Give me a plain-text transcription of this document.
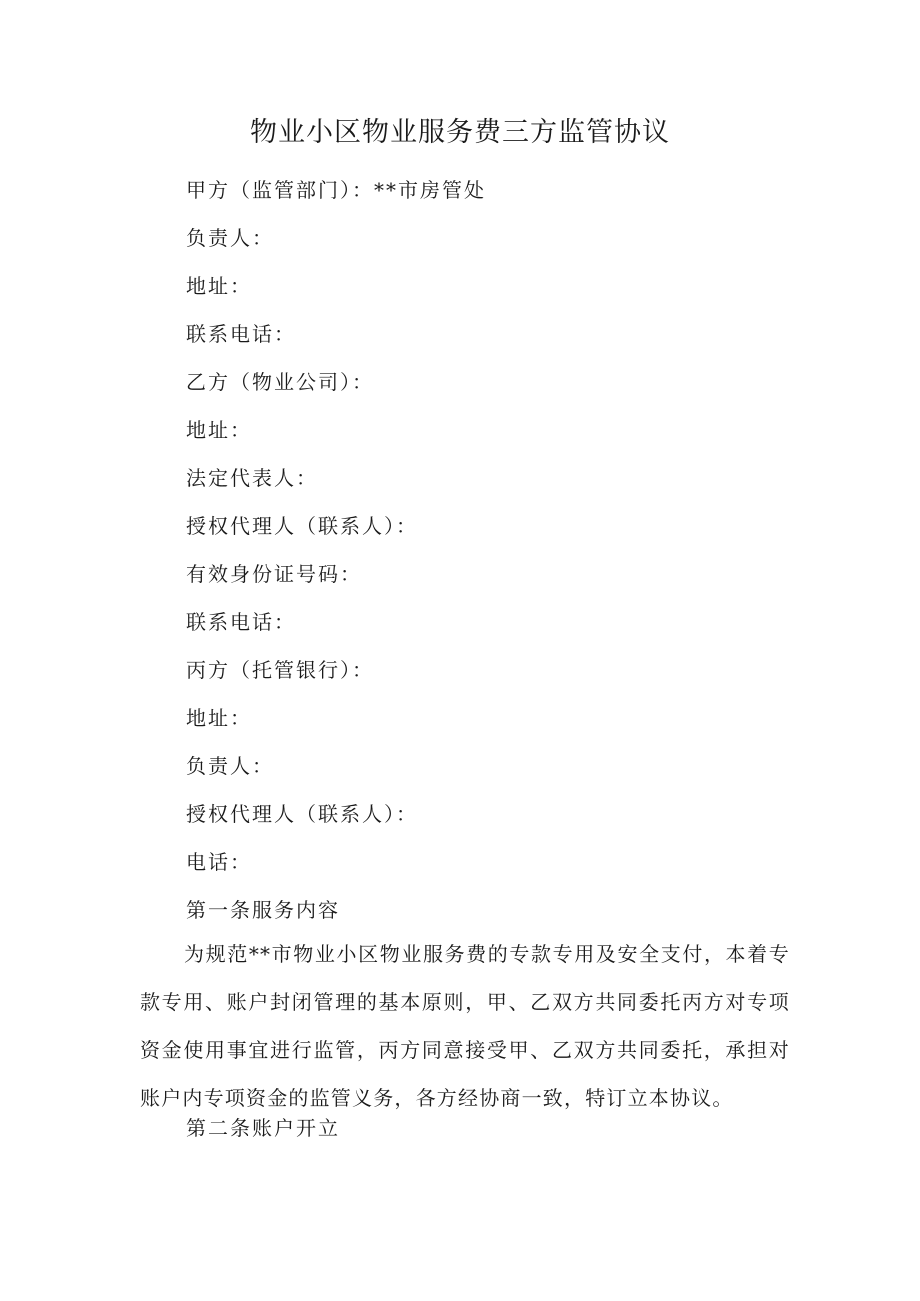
物业小区物业服务费三方监管协议
甲方（监管部门）：**市房管处
负责人：
地址：
联系电话：
乙方（物业公司）：
地址：
法定代表人：
授权代理人（联系人）：
有效身份证号码：
联系电话：
丙方（托管银行）：
地址：
负责人：
授权代理人（联系人）：
电话：
第一条服务内容

为规范**市物业小区物业服务费的专款专用及安全支付，本着专款专用、账户封闭管理的基本原则，甲、乙双方共同委托丙方对专项资金使用事宜进行监管，丙方同意接受甲、乙双方共同委托，承担对账户内专项资金的监管义务，各方经协商一致，特订立本协议。

第二条账户开立
